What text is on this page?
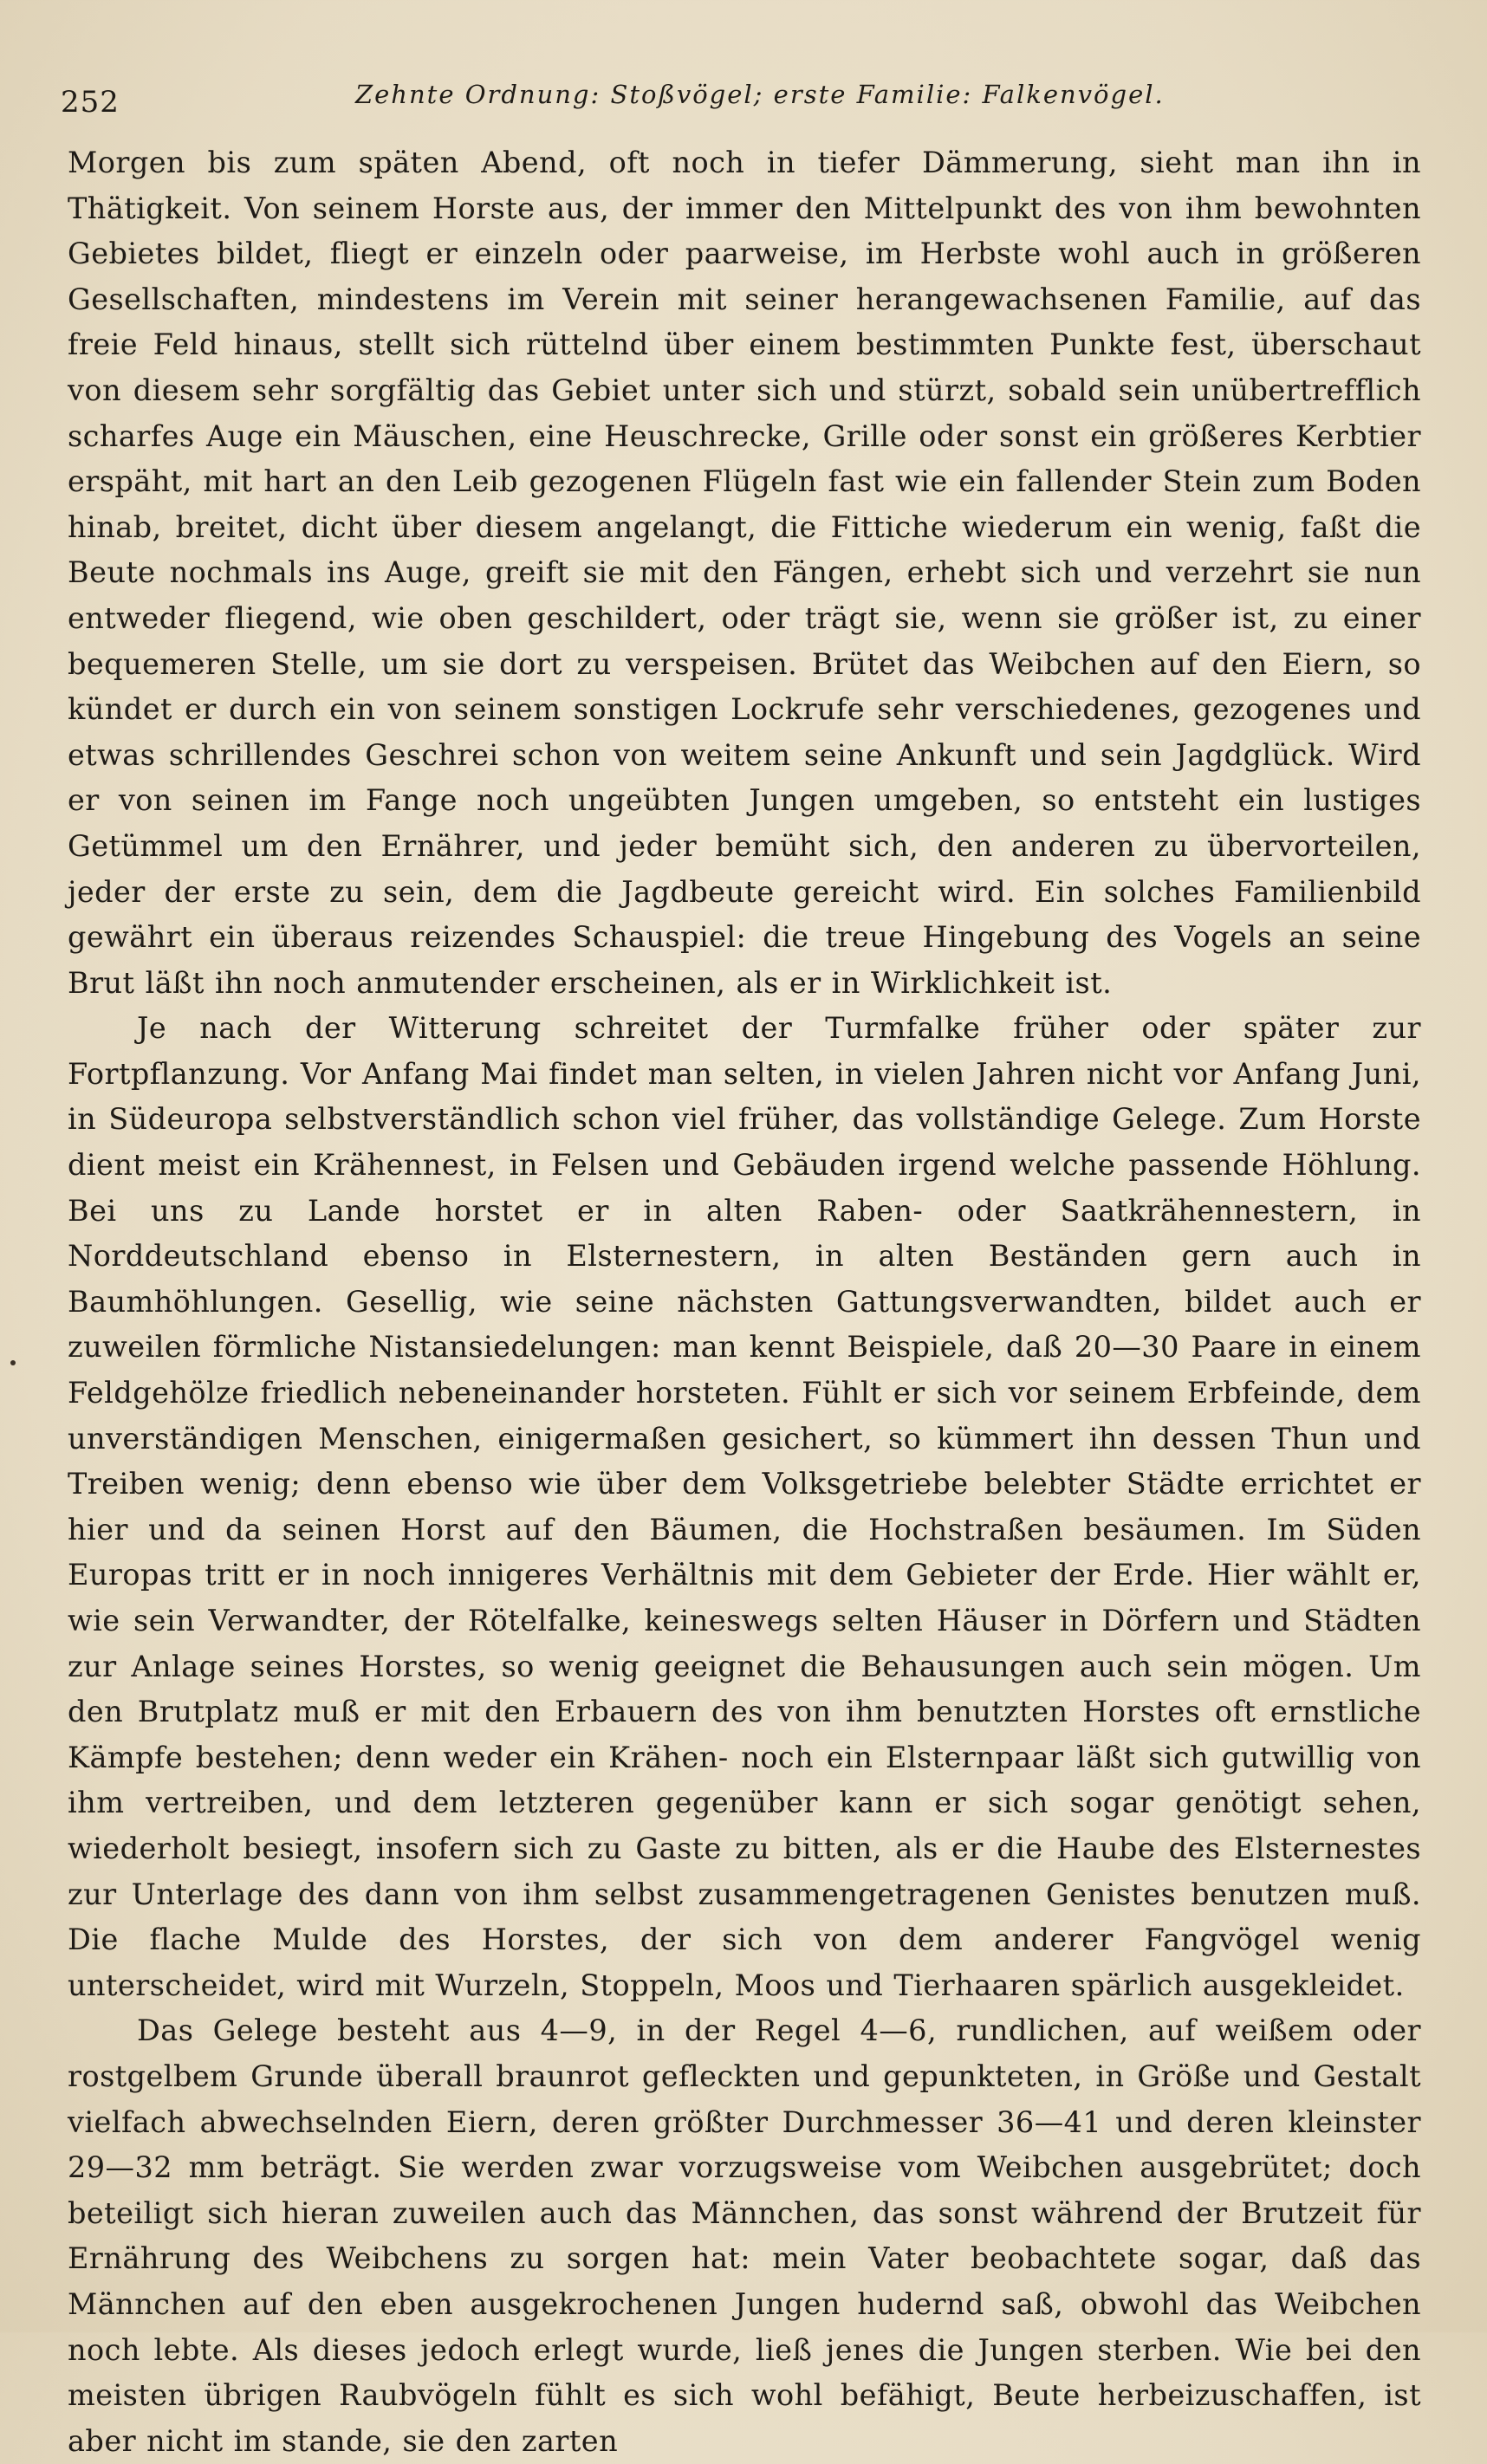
252	Zehnte Ordnung: Stoßvögel; erste Familie: Falkenvögel.

Morgen bis zum späten Abend, oft noch in tiefer Dämmerung, sieht man ihn in Thätigkeit. Von seinem Horste aus, der immer den Mittelpunkt des von ihm bewohnten Gebietes bildet, fliegt er einzeln oder paarweise, im Herbste wohl auch in größeren Gesellschaften, mindestens im Verein mit seiner herangewachsenen Familie, auf das freie Feld hinaus, stellt sich rüttelnd über einem bestimmten Punkte fest, überschaut von diesem sehr sorgfältig das Gebiet unter sich und stürzt, sobald sein unübertrefflich scharfes Auge ein Mäuschen, eine Heuschrecke, Grille oder sonst ein größeres Kerbtier erspäht, mit hart an den Leib gezogenen Flügeln fast wie ein fallender Stein zum Boden hinab, breitet, dicht über diesem angelangt, die Fittiche wiederum ein wenig, faßt die Beute nochmals ins Auge, greift sie mit den Fängen, erhebt sich und verzehrt sie nun entweder fliegend, wie oben geschildert, oder trägt sie, wenn sie größer ist, zu einer bequemeren Stelle, um sie dort zu verspeisen. Brütet das Weibchen auf den Eiern, so kündet er durch ein von seinem sonstigen Lockrufe sehr verschiedenes, gezogenes und etwas schrillendes Geschrei schon von weitem seine Ankunft und sein Jagdglück. Wird er von seinen im Fange noch ungeübten Jungen umgeben, so entsteht ein lustiges Getümmel um den Ernährer, und jeder bemüht sich, den anderen zu übervorteilen, jeder der erste zu sein, dem die Jagdbeute gereicht wird. Ein solches Familienbild gewährt ein überaus reizendes Schauspiel: die treue Hingebung des Vogels an seine Brut läßt ihn noch anmutender erscheinen, als er in Wirklichkeit ist.

Je nach der Witterung schreitet der Turmfalke früher oder später zur Fortpflanzung. Vor Anfang Mai findet man selten, in vielen Jahren nicht vor Anfang Juni, in Südeuropa selbstverständlich schon viel früher, das vollständige Gelege. Zum Horste dient meist ein Krähennest, in Felsen und Gebäuden irgend welche passende Höhlung. Bei uns zu Lande horstet er in alten Raben- oder Saatkrähennestern, in Norddeutschland ebenso in Elsternestern, in alten Beständen gern auch in Baumhöhlungen. Gesellig, wie seine nächsten Gattungsverwandten, bildet auch er zuweilen förmliche Nistansiedelungen: man kennt Beispiele, daß 20—30 Paare in einem Feldgehölze friedlich nebeneinander horsteten. Fühlt er sich vor seinem Erbfeinde, dem unverständigen Menschen, einigermaßen gesichert, so kümmert ihn dessen Thun und Treiben wenig; denn ebenso wie über dem Volksgetriebe belebter Städte errichtet er hier und da seinen Horst auf den Bäumen, die Hochstraßen besäumen. Im Süden Europas tritt er in noch innigeres Verhältnis mit dem Gebieter der Erde. Hier wählt er, wie sein Verwandter, der Rötelfalke, keineswegs selten Häuser in Dörfern und Städten zur Anlage seines Horstes, so wenig geeignet die Behausungen auch sein mögen. Um den Brutplatz muß er mit den Erbauern des von ihm benutzten Horstes oft ernstliche Kämpfe bestehen; denn weder ein Krähen- noch ein Elsternpaar läßt sich gutwillig von ihm vertreiben, und dem letzteren gegenüber kann er sich sogar genötigt sehen, wiederholt besiegt, insofern sich zu Gaste zu bitten, als er die Haube des Elsternestes zur Unterlage des dann von ihm selbst zusammengetragenen Genistes benutzen muß. Die flache Mulde des Horstes, der sich von dem anderer Fangvögel wenig unterscheidet, wird mit Wurzeln, Stoppeln, Moos und Tierhaaren spärlich ausgekleidet.

Das Gelege besteht aus 4—9, in der Regel 4—6, rundlichen, auf weißem oder rostgelbem Grunde überall braunrot gefleckten und gepunkteten, in Größe und Gestalt vielfach abwechselnden Eiern, deren größter Durchmesser 36—41 und deren kleinster 29—32 mm beträgt. Sie werden zwar vorzugsweise vom Weibchen ausgebrütet; doch beteiligt sich hieran zuweilen auch das Männchen, das sonst während der Brutzeit für Ernährung des Weibchens zu sorgen hat: mein Vater beobachtete sogar, daß das Männchen auf den eben ausgekrochenen Jungen hudernd saß, obwohl das Weibchen noch lebte. Als dieses jedoch erlegt wurde, ließ jenes die Jungen sterben. Wie bei den meisten übrigen Raubvögeln fühlt es sich wohl befähigt, Beute herbeizuschaffen, ist aber nicht im stande, sie den zarten
